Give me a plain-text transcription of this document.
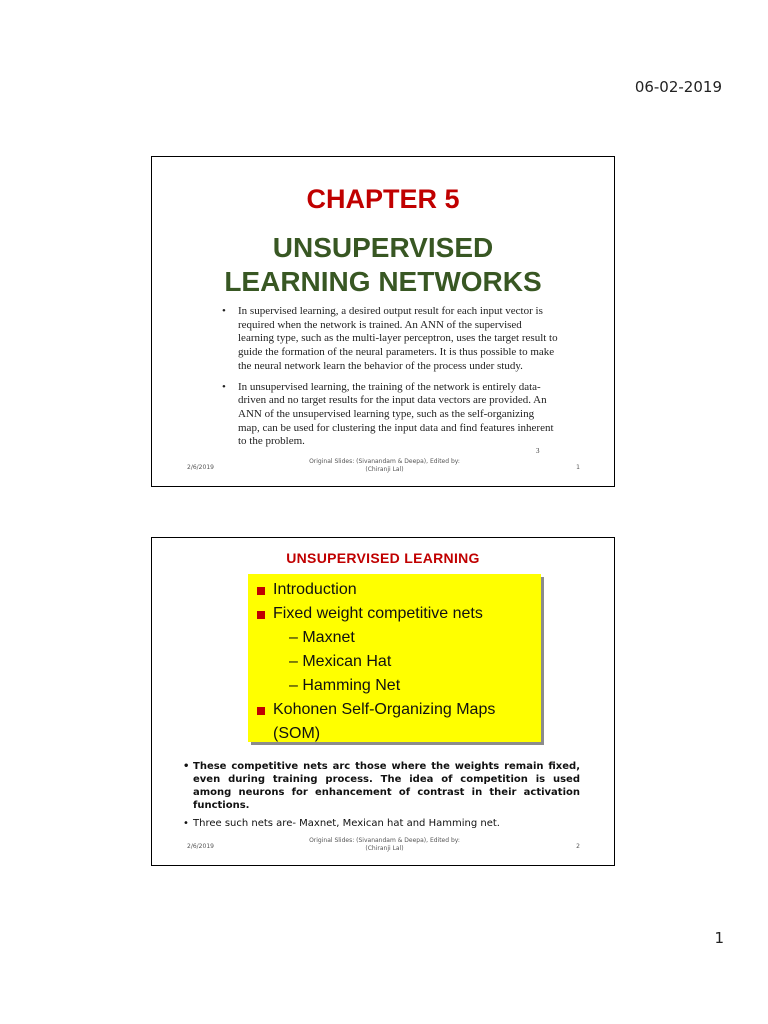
06-02-2019
CHAPTER 5
UNSUPERVISED
LEARNING NETWORKS
• In supervised learning, a desired output result for each input vector is required when the network is trained. An ANN of the supervised learning type, such as the multi-layer perceptron, uses the target result to guide the formation of the neural parameters. It is thus possible to make the neural network learn the behavior of the process under study.
• In unsupervised learning, the training of the network is entirely data-driven and no target results for the input data vectors are provided. An ANN of the unsupervised learning type, such as the self-organizing map, can be used for clustering the input data and find features inherent to the problem.
3
2/6/2019
Original Slides: (Sivanandam & Deepa), Edited by: (Chiranji Lal)	1
UNSUPERVISED LEARNING
Introduction
Fixed weight competitive nets
– Maxnet
– Mexican Hat
– Hamming Net
Kohonen Self-Organizing Maps
(SOM)
• These competitive nets arc those where the weights remain fixed, even during training process. The idea of competition is used among neurons for enhancement of contrast in their activation functions.
• Three such nets are- Maxnet, Mexican hat and Hamming net.
2/6/2019
Original Slides: (Sivanandam & Deepa), Edited by: (Chiranji Lal)	2
1
